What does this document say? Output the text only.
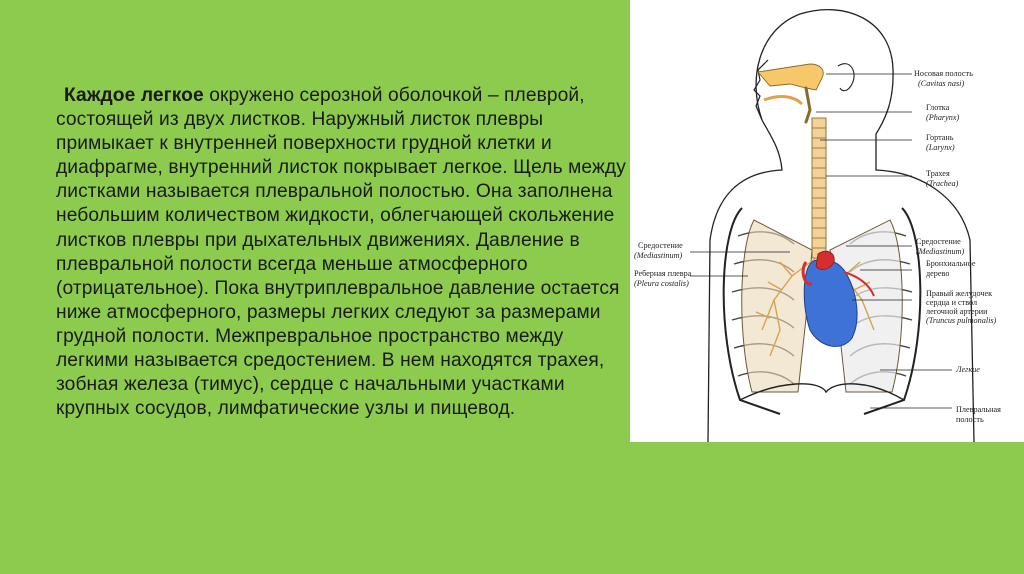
Каждое легкое окружено серозной оболочкой – плеврой, состоящей из двух листков. Наружный листок плевры примыкает к внутренней поверхности грудной клетки и диафрагме, внутренний листок покрывает легкое. Щель между листками называется плевральной полостью. Она заполнена небольшим количеством жидкости, облегчающей скольжение листков плевры при дыхательных движениях. Давление в плевральной полости всегда меньше атмосферного (отрицательное). Пока внутриплевральное давление остается ниже атмосферного, размеры легких следуют за размерами грудной полости. Межпревральное пространство между легкими называется средостением. В нем находятся трахея, зобная железа (тимус), сердце с начальными участками крупных сосудов, лимфатические узлы и пищевод.
Носовая полость
(Cavitas nasi)
Глотка
(Pharynx)
Гортань
(Larynx)
Трахея
(Trachea)
Средостение
(Mediastinum)
Бронхиальное
дерево
Правый желудочек
сердца и ствол
легочной артерии
(Truncus pulmonalis)
Легкие
Плевральная
полость
Средостение
(Mediastinum)
Реберная плевра
(Pleura costalis)
